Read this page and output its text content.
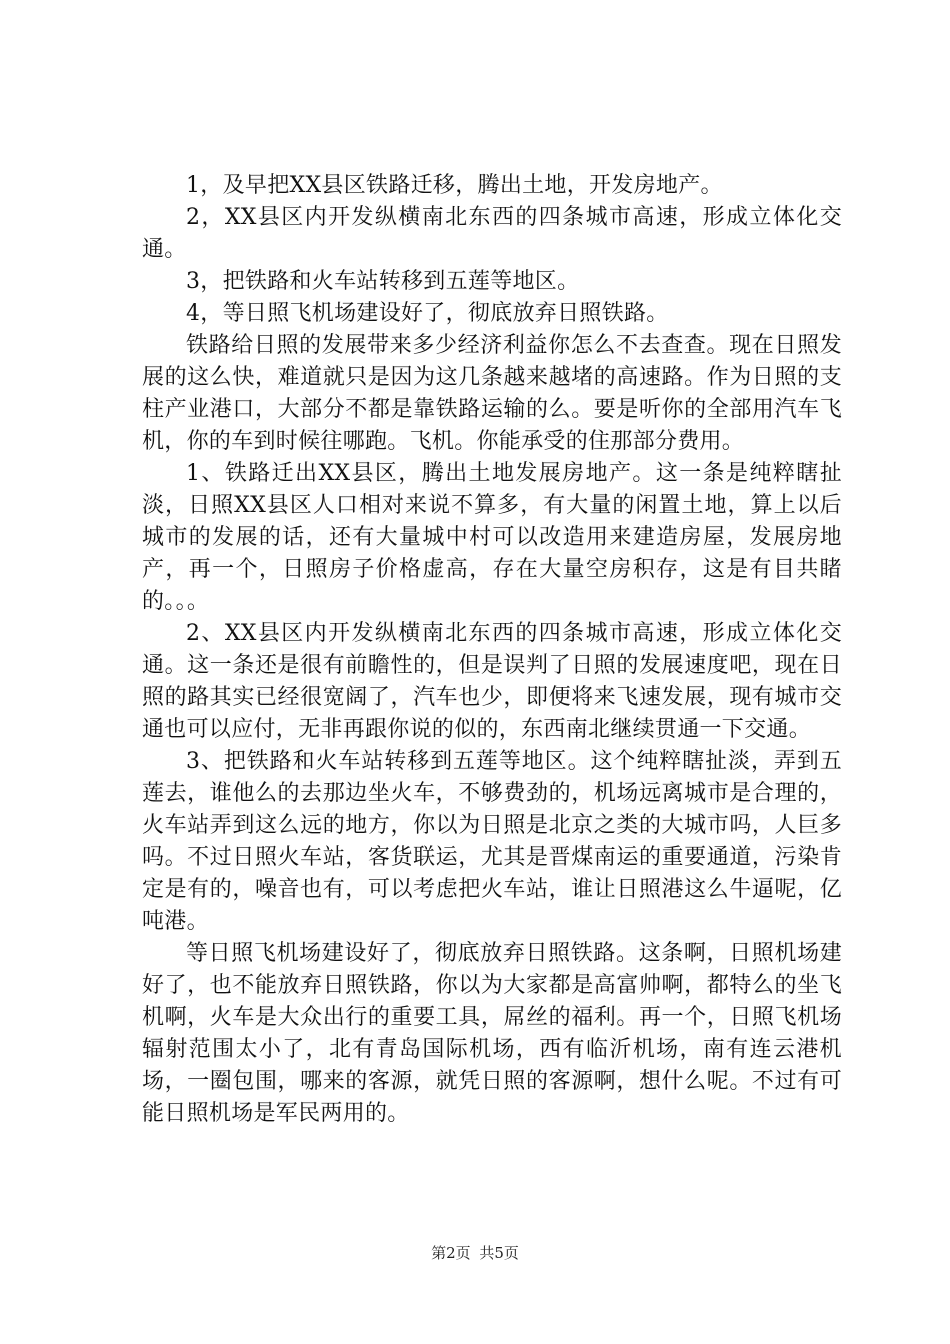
1，及早把XX县区铁路迁移，腾出土地，开发房地产。

2，XX县区内开发纵横南北东西的四条城市高速，形成立体化交通。

3，把铁路和火车站转移到五莲等地区。

4，等日照飞机场建设好了，彻底放弃日照铁路。

铁路给日照的发展带来多少经济利益你怎么不去查查。现在日照发展的这么快，难道就只是因为这几条越来越堵的高速路。作为日照的支柱产业港口，大部分不都是靠铁路运输的么。要是听你的全部用汽车飞机，你的车到时候往哪跑。飞机。你能承受的住那部分费用。

1、铁路迁出XX县区，腾出土地发展房地产。这一条是纯粹瞎扯淡，日照XX县区人口相对来说不算多，有大量的闲置土地，算上以后城市的发展的话，还有大量城中村可以改造用来建造房屋，发展房地产，再一个，日照房子价格虚高，存在大量空房积存，这是有目共睹的。。。

2、XX县区内开发纵横南北东西的四条城市高速，形成立体化交通。这一条还是很有前瞻性的，但是误判了日照的发展速度吧，现在日照的路其实已经很宽阔了，汽车也少，即便将来飞速发展，现有城市交通也可以应付，无非再跟你说的似的，东西南北继续贯通一下交通。

3、把铁路和火车站转移到五莲等地区。这个纯粹瞎扯淡，弄到五莲去，谁他么的去那边坐火车，不够费劲的，机场远离城市是合理的，火车站弄到这么远的地方，你以为日照是北京之类的大城市吗，人巨多吗。不过日照火车站，客货联运，尤其是晋煤南运的重要通道，污染肯定是有的，噪音也有，可以考虑把火车站，谁让日照港这么牛逼呢，亿吨港。

等日照飞机场建设好了，彻底放弃日照铁路。这条啊，日照机场建好了，也不能放弃日照铁路，你以为大家都是高富帅啊，都特么的坐飞机啊，火车是大众出行的重要工具，屌丝的福利。再一个，日照飞机场辐射范围太小了，北有青岛国际机场，西有临沂机场，南有连云港机场，一圈包围，哪来的客源，就凭日照的客源啊，想什么呢。不过有可能日照机场是军民两用的。

第2页 共5页
